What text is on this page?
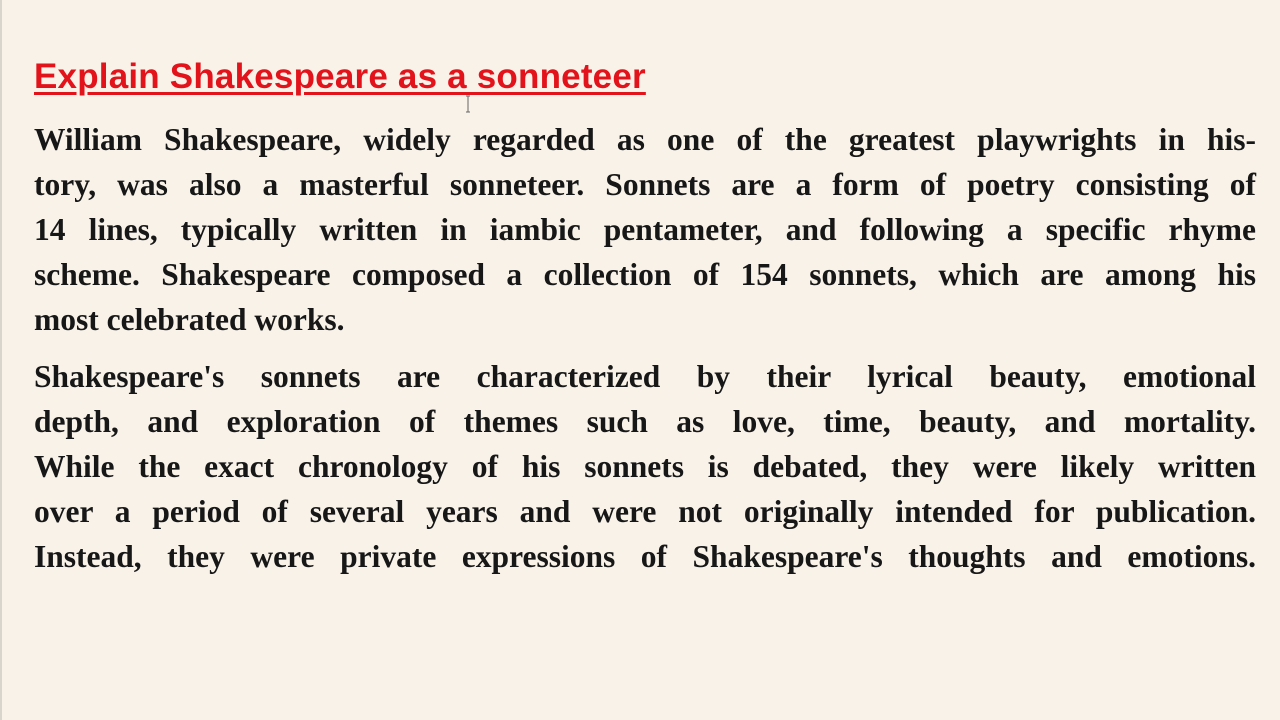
Explain Shakespeare as a sonneteer
William Shakespeare, widely regarded as one of the greatest playwrights in his-
tory, was also a masterful sonneteer. Sonnets are a form of poetry consisting of
14 lines, typically written in iambic pentameter, and following a specific rhyme
scheme. Shakespeare composed a collection of 154 sonnets, which are among his
most celebrated works.
Shakespeare's sonnets are characterized by their lyrical beauty, emotional
depth, and exploration of themes such as love, time, beauty, and mortality.
While the exact chronology of his sonnets is debated, they were likely written
over a period of several years and were not originally intended for publication.
Instead, they were private expressions of Shakespeare's thoughts and emotions.
